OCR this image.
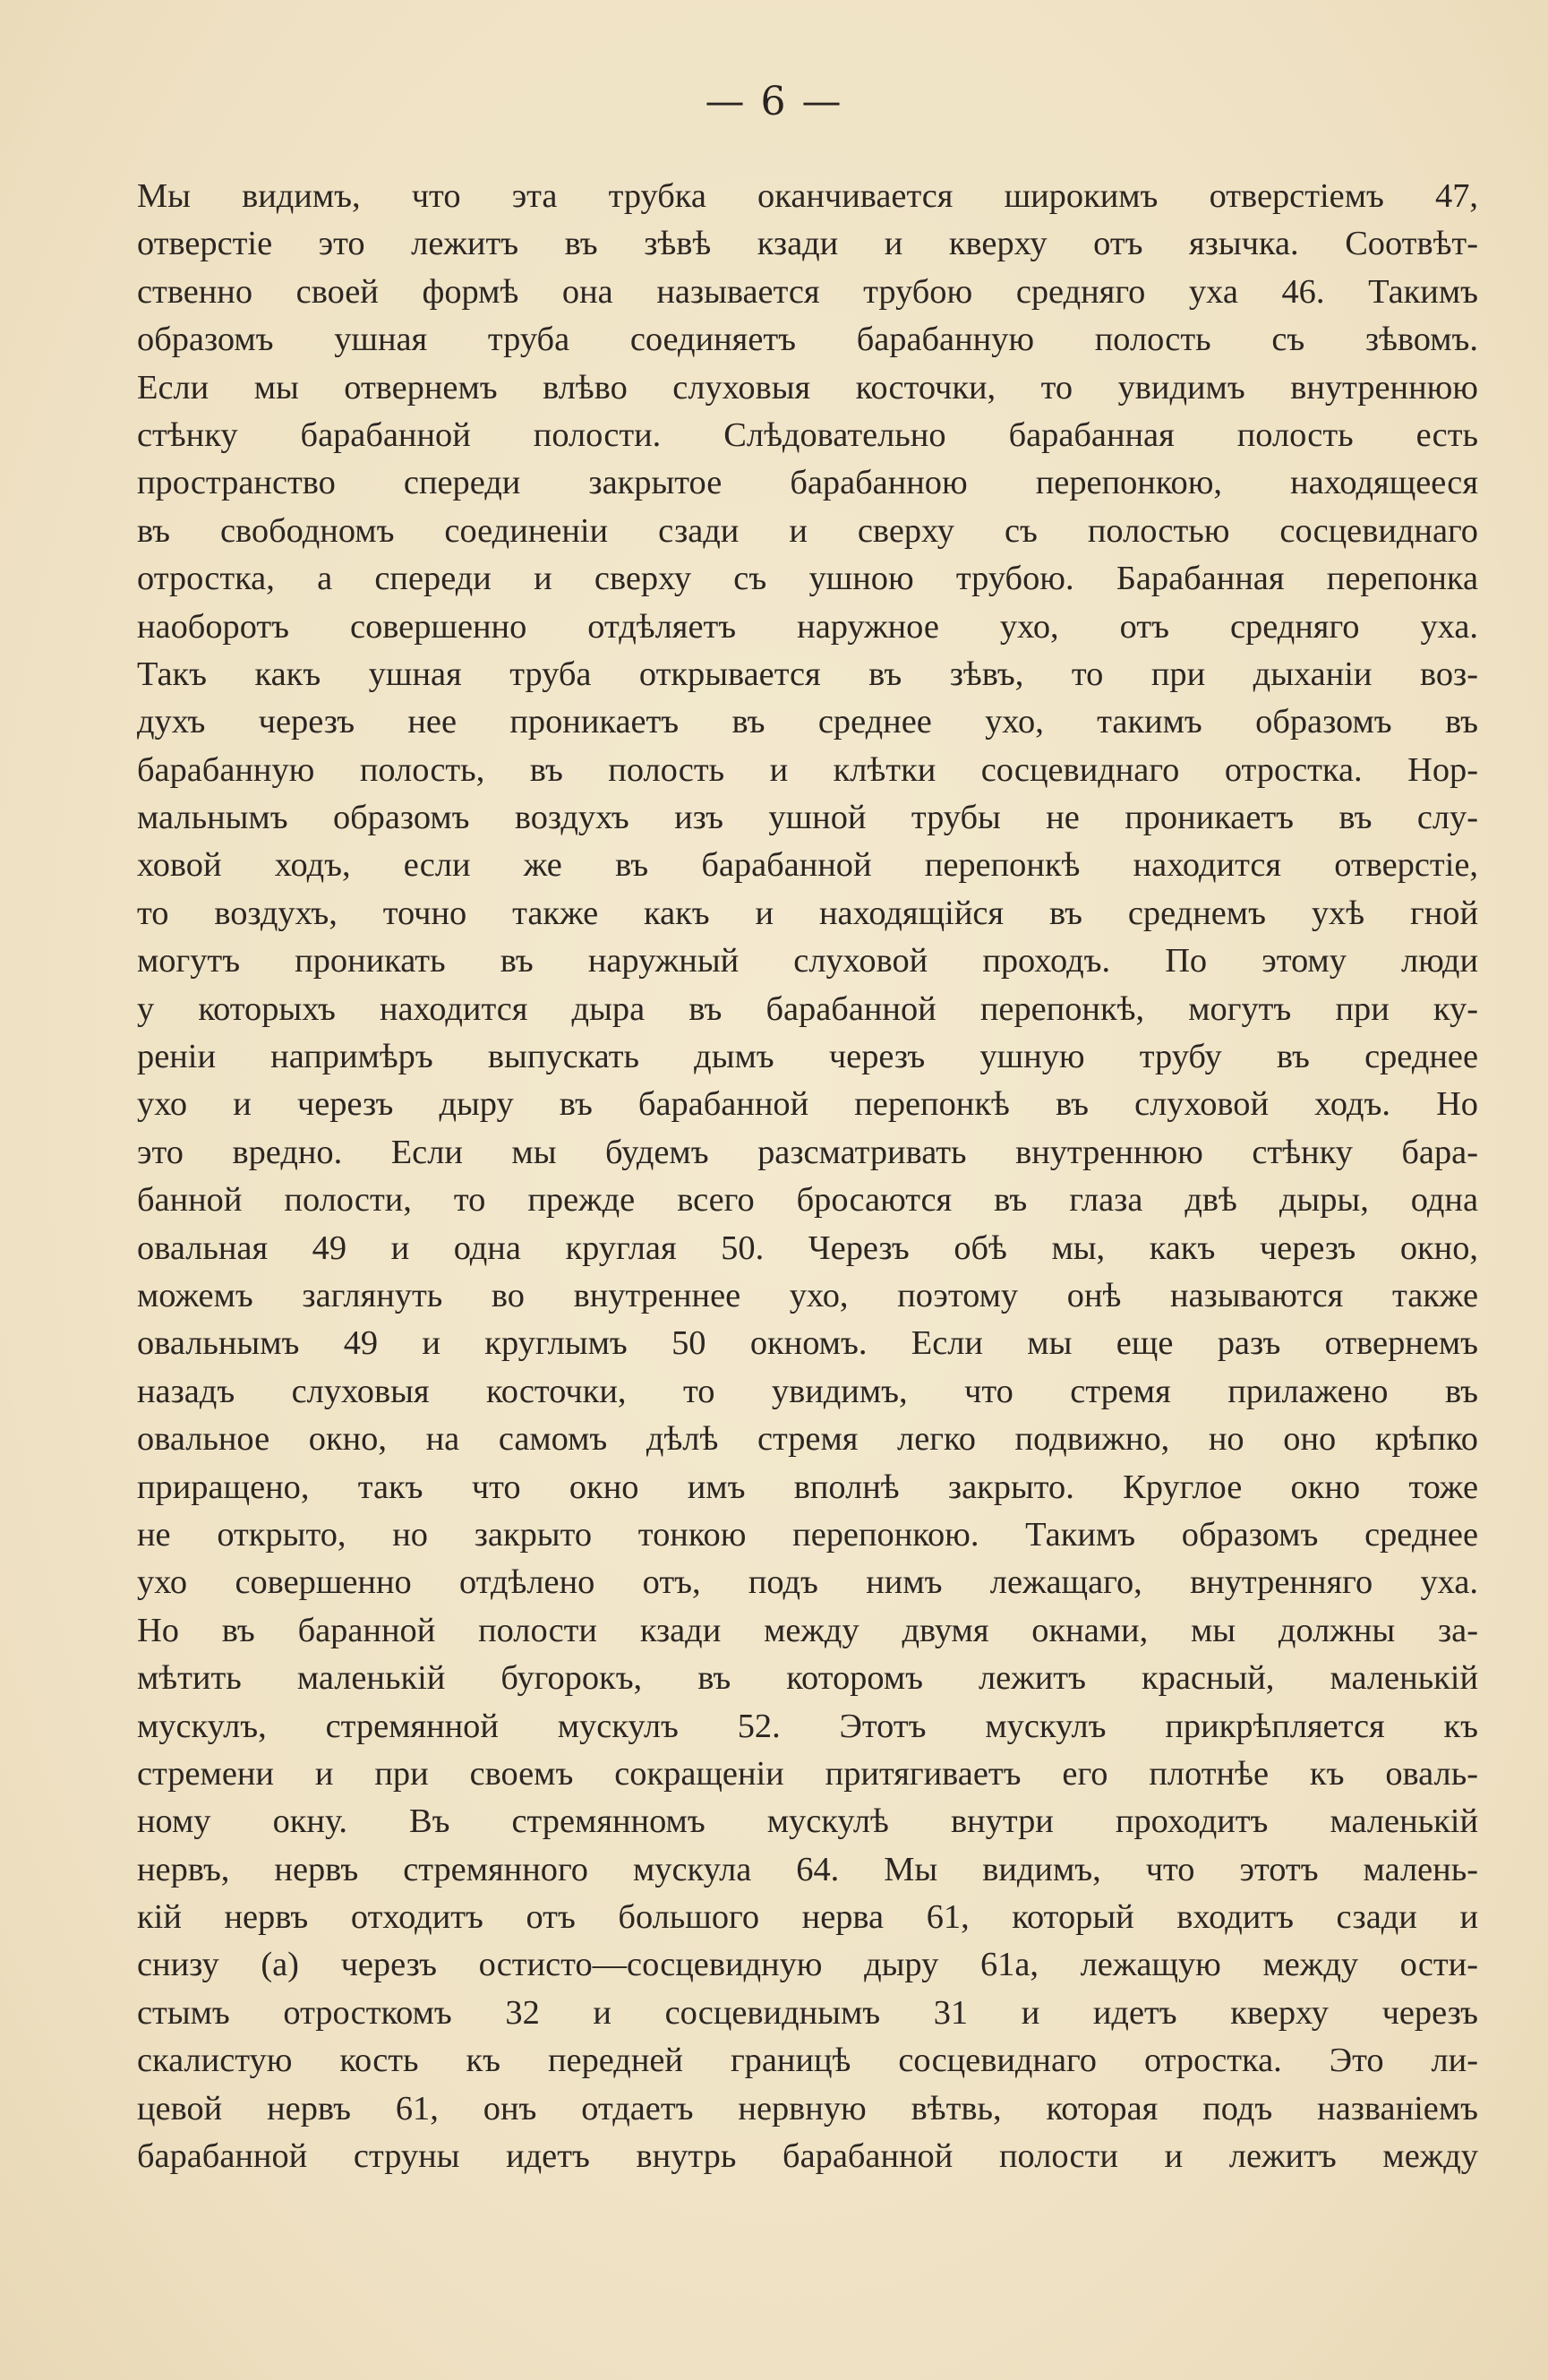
— 6 —
Мы видимъ, что эта трубка оканчивается широкимъ отверстiемъ 47,
отверстiе это лежитъ въ зѣвѣ кзади и кверху отъ язычка. Соотвѣт-
ственно своей формѣ она называется трубою средняго уха 46. Такимъ
образомъ ушная труба соединяетъ барабанную полость съ зѣвомъ.
Если мы отвернемъ влѣво слуховыя косточки, то увидимъ внутреннюю
стѣнку барабанной полости. Слѣдовательно барабанная полость есть
пространство спереди закрытое барабанною перепонкою, находящееся
въ свободномъ соединенiи сзади и сверху съ полостью сосцевиднаго
отростка, а спереди и сверху съ ушною трубою. Барабанная перепонка
наоборотъ совершенно отдѣляетъ наружное ухо, отъ средняго уха.
Такъ какъ ушная труба открывается въ зѣвъ, то при дыханiи воз-
духъ черезъ нее проникаетъ въ среднее ухо, такимъ образомъ въ
барабанную полость, въ полость и клѣтки сосцевиднаго отростка. Нор-
мальнымъ образомъ воздухъ изъ ушной трубы не проникаетъ въ слу-
ховой ходъ, если же въ барабанной перепонкѣ находится отверстiе,
то воздухъ, точно также какъ и находящiйся въ среднемъ ухѣ гной
могутъ проникать въ наружный слуховой проходъ. По этому люди
у которыхъ находится дыра въ барабанной перепонкѣ, могутъ при ку-
ренiи напримѣръ выпускать дымъ черезъ ушную трубу въ среднее
ухо и черезъ дыру въ барабанной перепонкѣ въ слуховой ходъ. Но
это вредно. Если мы будемъ разсматривать внутреннюю стѣнку бара-
банной полости, то прежде всего бросаются въ глаза двѣ дыры, одна
овальная 49 и одна круглая 50. Черезъ обѣ мы, какъ черезъ окно,
можемъ заглянуть во внутреннее ухо, поэтому онѣ называются также
овальнымъ 49 и круглымъ 50 окномъ. Если мы еще разъ отвернемъ
назадъ слуховыя косточки, то увидимъ, что стремя прилажено въ
овальное окно, на самомъ дѣлѣ стремя легко подвижно, но оно крѣпко
приращено, такъ что окно имъ вполнѣ закрыто. Круглое окно тоже
не открыто, но закрыто тонкою перепонкою. Такимъ образомъ среднее
ухо совершенно отдѣлено отъ, подъ нимъ лежащаго, внутренняго уха.
Но въ баранной полости кзади между двумя окнами, мы должны за-
мѣтить маленькiй бугорокъ, въ которомъ лежитъ красный, маленькiй
мускулъ, стремянной мускулъ 52. Этотъ мускулъ прикрѣпляется къ
стремени и при своемъ сокращенiи притягиваетъ его плотнѣе къ оваль-
ному окну. Въ стремянномъ мускулѣ внутри проходитъ маленькiй
нервъ, нервъ стремянного мускула 64. Мы видимъ, что этотъ малень-
кiй нервъ отходитъ отъ большого нерва 61, который входитъ сзади и
снизу (a) черезъ остисто—сосцевидную дыру 61a, лежащую между ости-
стымъ отросткомъ 32 и сосцевиднымъ 31 и идетъ кверху черезъ
скалистую кость къ передней границѣ сосцевиднаго отростка. Это ли-
цевой нервъ 61, онъ отдаетъ нервную вѣтвь, которая подъ названiемъ
барабанной струны идетъ внутрь барабанной полости и лежитъ между
